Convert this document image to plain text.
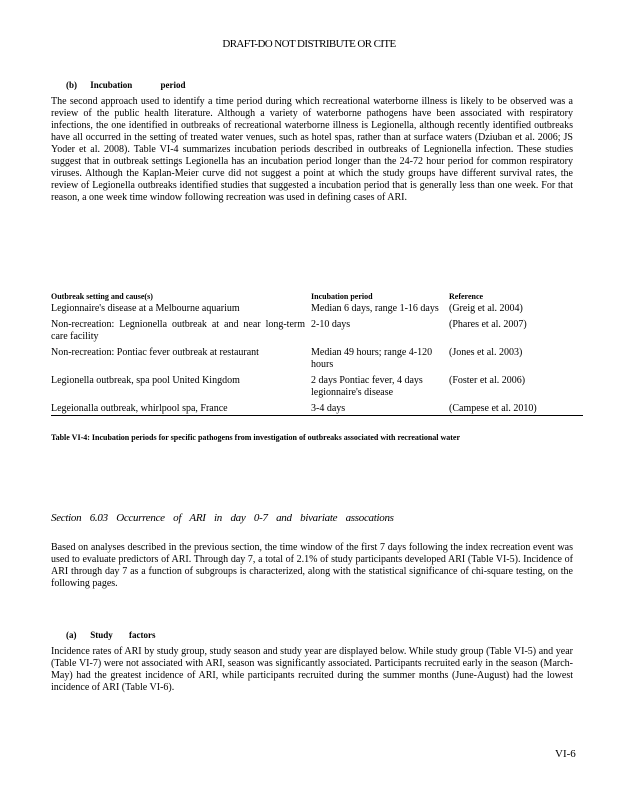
DRAFT-DO NOT DISTRIBUTE OR CITE
(b) Incubation	period
The second approach used to identify a time period during which recreational waterborne illness is likely to be observed was a review of the public health literature. Although a variety of waterborne pathogens have been associated with respiratory infections, the one identified in outbreaks of recreational waterborne illness is Legionella, although recently identified outbreaks have all occurred in the setting of treated water venues, such as hotel spas, rather than at surface waters (Dziuban et al. 2006; JS Yoder et al. 2008). Table VI-4 summarizes incubation periods described in outbreaks of Legnionella infection. These studies suggest that in outbreak settings Legionella has an incubation period longer than the 24-72 hour period for common respiratory viruses. Although the Kaplan-Meier curve did not suggest a point at which the study groups have different survival rates, the review of Legionella outbreaks identified studies that suggested a incubation period that is generally less than one week. For that reason, a one week time window following recreation was used in defining cases of ARI.
Outbreak setting and cause(s)	Incubation period	Reference
Legionnaire's disease at a Melbourne aquarium	Median 6 days, range 1-16 days	(Greig et al. 2004)
Non-recreation: Legnionella outbreak at and near long-term care facility	2-10 days	(Phares et al. 2007)
Non-recreation: Pontiac fever outbreak at restaurant	Median 49 hours; range 4-120 hours	(Jones et al. 2003)
Legionella outbreak, spa pool United Kingdom	2 days Pontiac fever, 4 days legionnaire's disease	(Foster et al. 2006)
Legeionalla outbreak, whirlpool spa, France	3-4 days	(Campese et al. 2010)
Table VI-4: Incubation periods for specific pathogens from investigation of outbreaks associated with recreational water
Section 6.03 Occurrence of ARI in day 0-7 and bivariate assocations
Based on analyses described in the previous section, the time window of the first 7 days following the index recreation event was used to evaluate predictors of ARI. Through day 7, a total of 2.1% of study participants developed ARI (Table VI-5). Incidence of ARI through day 7 as a function of subgroups is characterized, along with the statistical significance of chi-square testing, on the following pages.
(a) Study factors
Incidence rates of ARI by study group, study season and study year are displayed below. While study group (Table VI-5) and year (Table VI-7) were not associated with ARI, season was significantly associated. Participants recruited early in the season (March-May) had the greatest incidence of ARI, while participants recruited during the summer months (June-August) had the lowest incidence of ARI (Table VI-6).
VI-6
